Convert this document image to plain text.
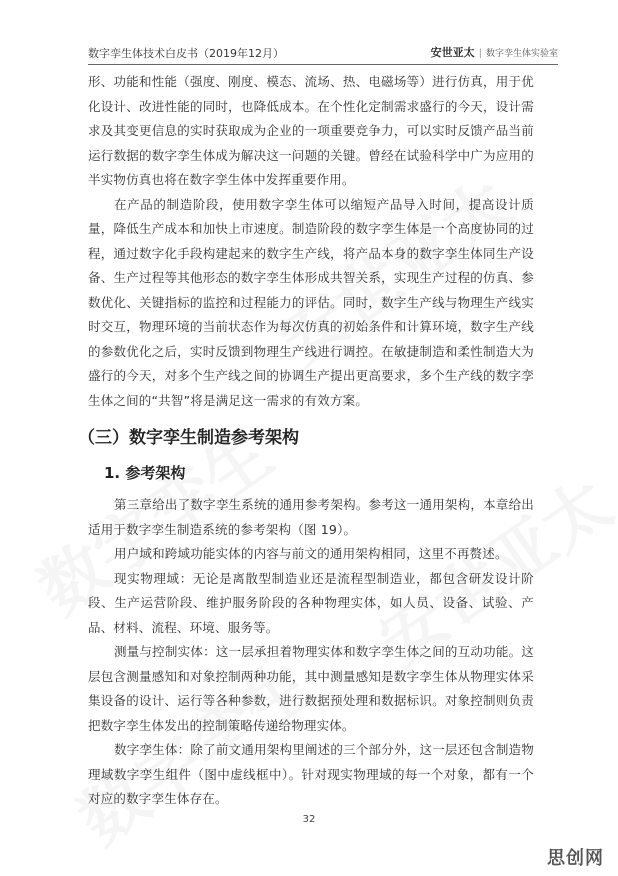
数字孪生体技术白皮书（2019年12月）	安世亚太 | 数字孪生体实验室

形、功能和性能（强度、刚度、模态、流场、热、电磁场等）进行仿真，用于优化设计、改进性能的同时，也降低成本。在个性化定制需求盛行的今天，设计需求及其变更信息的实时获取成为企业的一项重要竞争力，可以实时反馈产品当前运行数据的数字孪生体成为解决这一问题的关键。曾经在试验科学中广为应用的半实物仿真也将在数字孪生体中发挥重要作用。

在产品的制造阶段，使用数字孪生体可以缩短产品导入时间，提高设计质量，降低生产成本和加快上市速度。制造阶段的数字孪生体是一个高度协同的过程，通过数字化手段构建起来的数字生产线，将产品本身的数字孪生体同生产设备、生产过程等其他形态的数字孪生体形成共智关系，实现生产过程的仿真、参数优化、关键指标的监控和过程能力的评估。同时，数字生产线与物理生产线实时交互，物理环境的当前状态作为每次仿真的初始条件和计算环境，数字生产线的参数优化之后，实时反馈到物理生产线进行调控。在敏捷制造和柔性制造大为盛行的今天，对多个生产线之间的协调生产提出更高要求，多个生产线的数字孪生体之间的“共智”将是满足这一需求的有效方案。

（三）数字孪生制造参考架构
1. 参考架构

第三章给出了数字孪生系统的通用参考架构。参考这一通用架构，本章给出适用于数字孪生制造系统的参考架构（图 19）。

用户域和跨域功能实体的内容与前文的通用架构相同，这里不再赘述。

现实物理域：无论是离散型制造业还是流程型制造业，都包含研发设计阶段、生产运营阶段、维护服务阶段的各种物理实体，如人员、设备、试验、产品、材料、流程、环境、服务等。

测量与控制实体：这一层承担着物理实体和数字孪生体之间的互动功能。这层包含测量感知和对象控制两种功能，其中测量感知是数字孪生体从物理实体采集设备的设计、运行等各种参数，进行数据预处理和数据标识。对象控制则负责把数字孪生体发出的控制策略传递给物理实体。

数字孪生体：除了前文通用架构里阐述的三个部分外，这一层还包含制造物理域数字孪生组件（图中虚线框中）。针对现实物理域的每一个对象，都有一个对应的数字孪生体存在。

32
思创网
